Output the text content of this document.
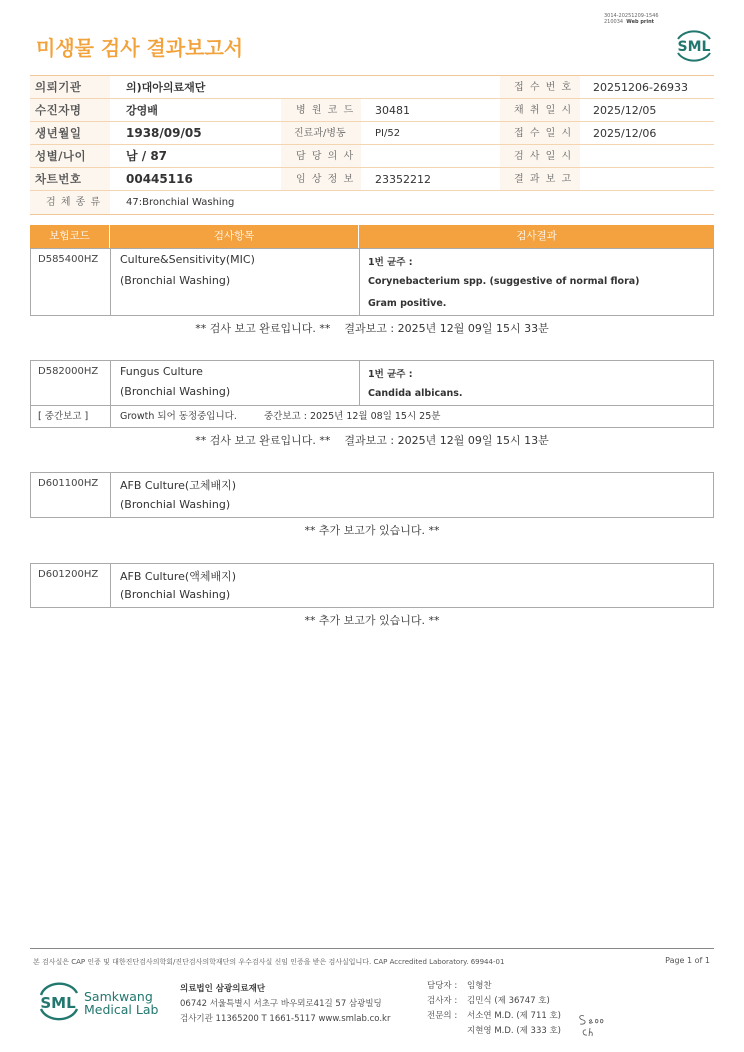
3014-20251209-1546
210034 Web print
미생물 검사 결과보고서	SML
의뢰기관	의)대아의료재단	접 수 번 호 20251206-26933
수진자명	강영배	병 원 코 드 30481	채 취 일 시 2025/12/05
생년월일	1938/09/05	진료과/병동	PI/52	접 수 일 시 2025/12/06
성별/나이	남 / 87	담 당 의 사	검 사 일 시
차트번호	00445116	임 상 정 보 23352212	결 과 보 고
검 체 종 류 47:Bronchial Washing
보험코드	검사항목	검사결과
D585400HZ Culture&Sensitivity(MIC)
(Bronchial Washing)
1번 균주 :
Corynebacterium spp. (suggestive of normal flora)
Gram positive.
** 검사 보고 완료입니다. **    결과보고 : 2025년 12월 09일 15시 33분
D582000HZ Fungus Culture
(Bronchial Washing)
1번 균주 :
Candida albicans.
[ 중간보고 ]	Growth 되어 동정중입니다.	중간보고 : 2025년 12월 08일 15시 25분
** 검사 보고 완료입니다. **    결과보고 : 2025년 12월 09일 15시 13분
D601100HZ AFB Culture(고체배지)
(Bronchial Washing)
** 추가 보고가 있습니다. **
D601200HZ AFB Culture(액체배지)
(Bronchial Washing)
** 추가 보고가 있습니다. **
본 검사실은 CAP 인증 및 대한진단검사의학회/진단검사의학재단의 우수검사실 신임 인증을 받은 검사실입니다. CAP Accredited Laboratory. 69944-01	Page 1 of 1
SML Samkwang
Medical Lab
의료법인 삼광의료재단
06742 서울특별시 서초구 바우뫼로41길 57 삼광빌딩
검사기관 11365200 T 1661-5117 www.smlab.co.kr
담당자 : 임형찬
검사자 : 김민식 (제 36747 호)
전문의 : 서소연 M.D. (제 711 호)
지현영 M.D. (제 333 호)
